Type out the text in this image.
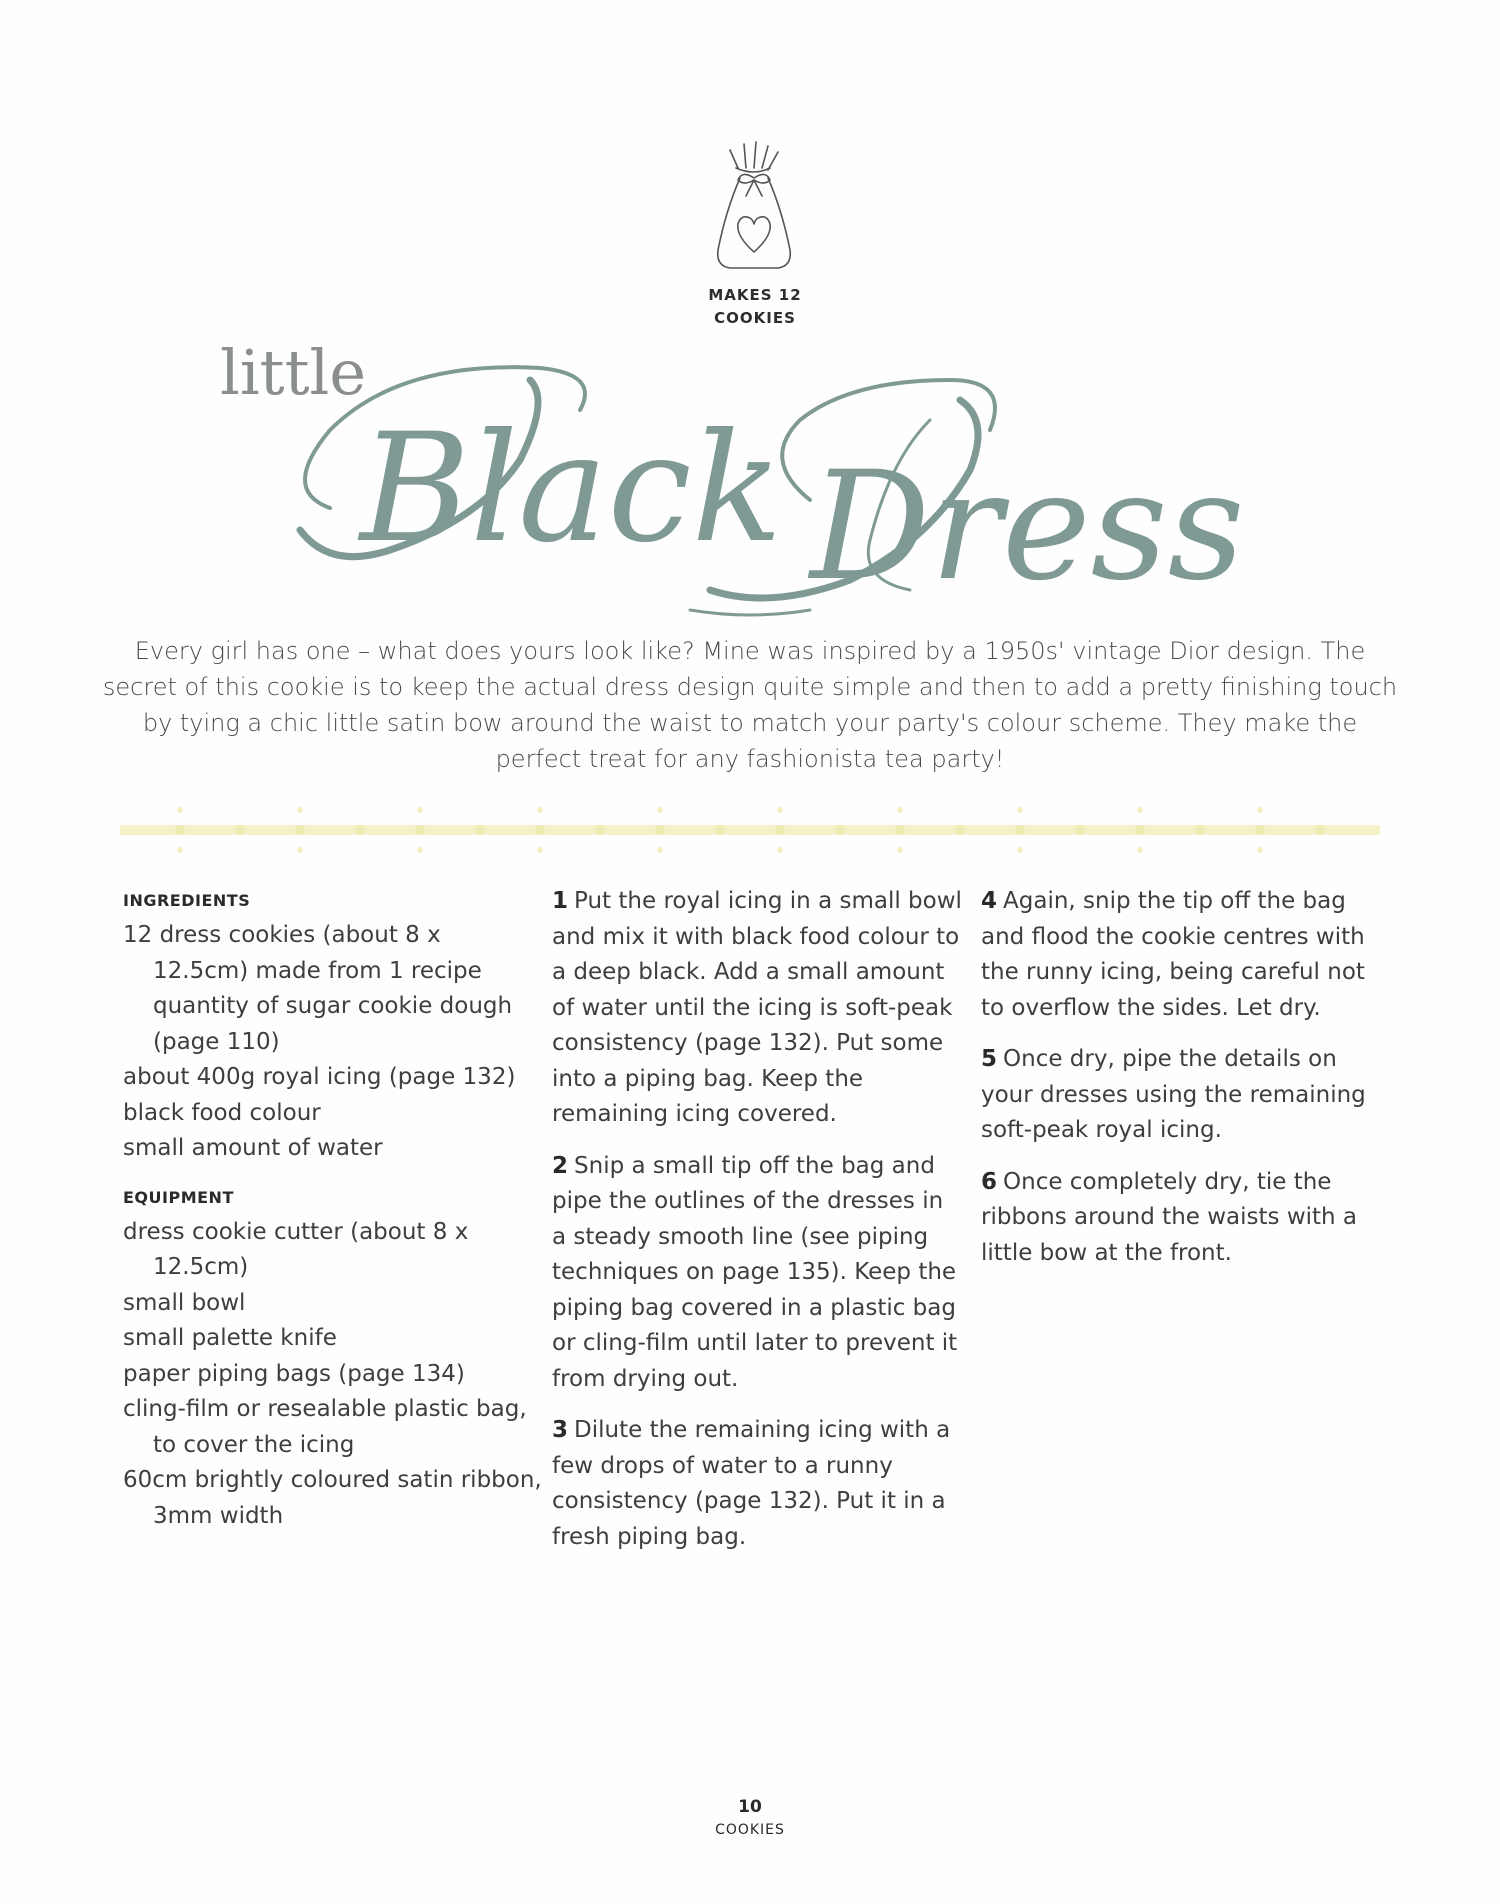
MAKES 12
COOKIES
little
Black Dress
Every girl has one – what does yours look like? Mine was inspired by a 1950s' vintage Dior design. The secret of this cookie is to keep the actual dress design quite simple and then to add a pretty finishing touch by tying a chic little satin bow around the waist to match your party's colour scheme. They make the perfect treat for any fashionista tea party!
INGREDIENTS
12 dress cookies (about 8 x 12.5cm) made from 1 recipe quantity of sugar cookie dough (page 110)
about 400g royal icing (page 132)
black food colour
small amount of water
EQUIPMENT
dress cookie cutter (about 8 x 12.5cm)
small bowl
small palette knife
paper piping bags (page 134)
cling-film or resealable plastic bag, to cover the icing
60cm brightly coloured satin ribbon, 3mm width

1 Put the royal icing in a small bowl and mix it with black food colour to a deep black. Add a small amount of water until the icing is soft-peak consistency (page 132). Put some into a piping bag. Keep the remaining icing covered.

2 Snip a small tip off the bag and pipe the outlines of the dresses in a steady smooth line (see piping techniques on page 135). Keep the piping bag covered in a plastic bag or cling-film until later to prevent it from drying out.

3 Dilute the remaining icing with a few drops of water to a runny consistency (page 132). Put it in a fresh piping bag.

4 Again, snip the tip off the bag and flood the cookie centres with the runny icing, being careful not to overflow the sides. Let dry.

5 Once dry, pipe the details on your dresses using the remaining soft-peak royal icing.

6 Once completely dry, tie the ribbons around the waists with a little bow at the front.

10
COOKIES
